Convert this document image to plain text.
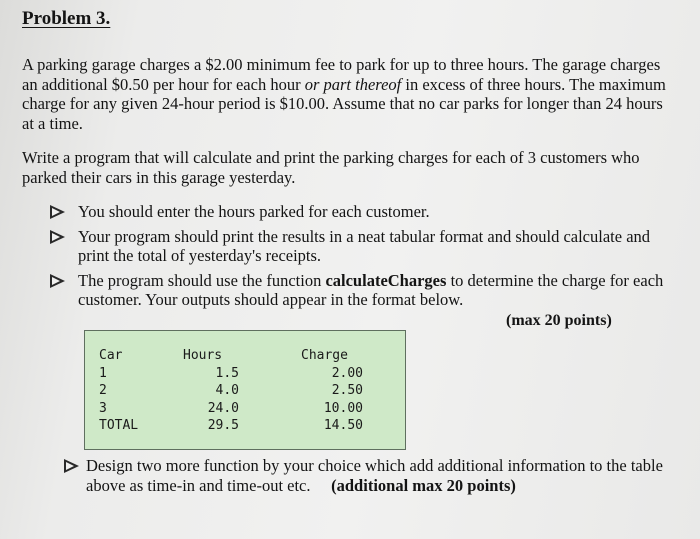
Problem 3.
A parking garage charges a $2.00 minimum fee to park for up to three hours. The garage charges an additional $0.50 per hour for each hour or part thereof in excess of three hours. The maximum charge for any given 24-hour period is $10.00. Assume that no car parks for longer than 24 hours at a time.
Write a program that will calculate and print the parking charges for each of 3 customers who parked their cars in this garage yesterday.
You should enter the hours parked for each customer.
Your program should print the results in a neat tabular format and should calculate and print the total of yesterday's receipts.
The program should use the function calculateCharges to determine the charge for each customer. Your outputs should appear in the format below.
(max 20 points)
Car
1
2
3
TOTAL
Hours
1.5
4.0
24.0
29.5
Charge
2.00
2.50
10.00
14.50
Design two more function by your choice which add additional information to the table above as time-in and time-out etc. (additional max 20 points)
